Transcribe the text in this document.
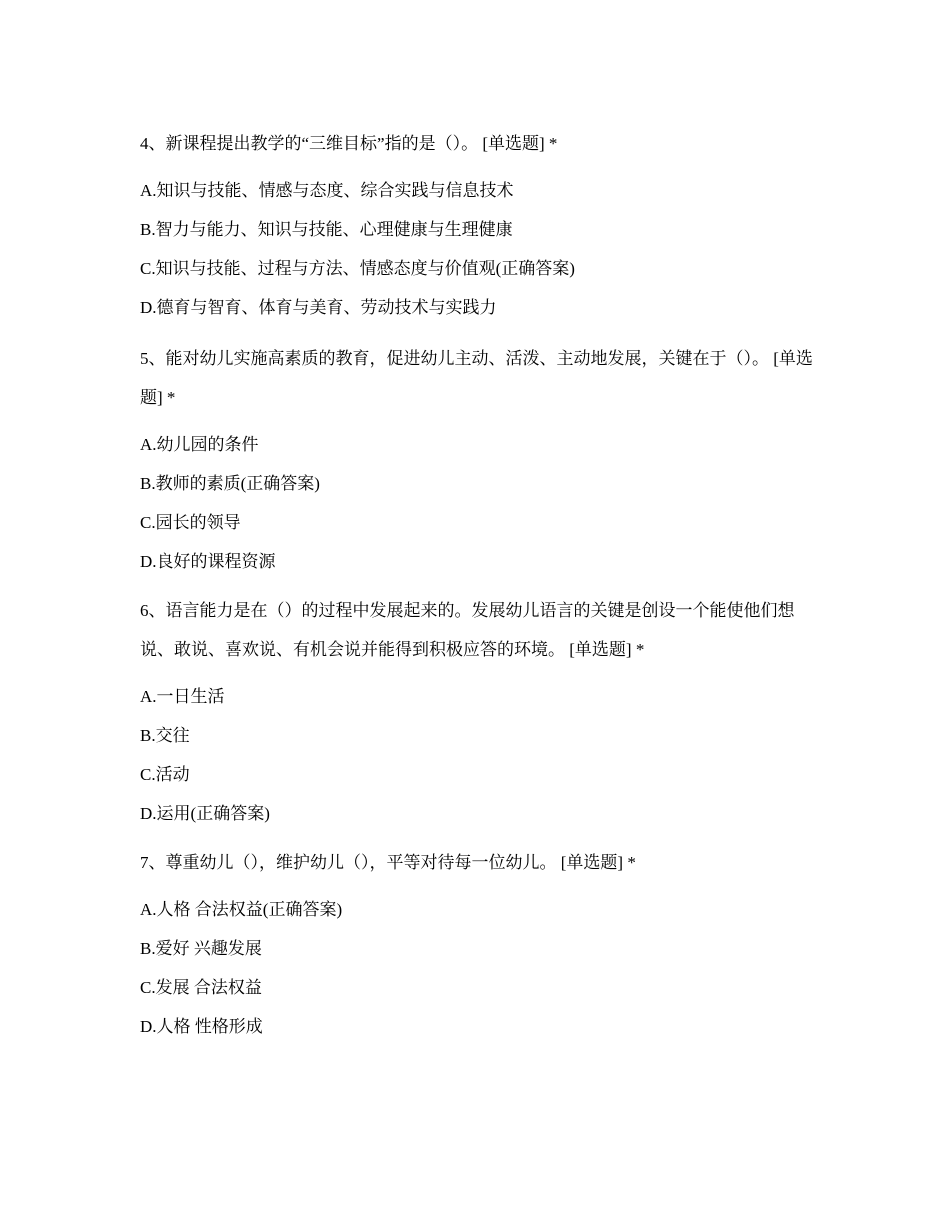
4、新课程提出教学的“三维目标”指的是（）。 [单选题] *

A.知识与技能、情感与态度、综合实践与信息技术

B.智力与能力、知识与技能、心理健康与生理健康

C.知识与技能、过程与方法、情感态度与价值观(正确答案)

D.德育与智育、体育与美育、劳动技术与实践力

5、能对幼儿实施高素质的教育，促进幼儿主动、活泼、主动地发展，关键在于（）。 [单选题] *

A.幼儿园的条件

B.教师的素质(正确答案)

C.园长的领导

D.良好的课程资源

6、语言能力是在（）的过程中发展起来的。发展幼儿语言的关键是创设一个能使他们想说、敢说、喜欢说、有机会说并能得到积极应答的环境。 [单选题] *

A.一日生活

B.交往

C.活动

D.运用(正确答案)

7、尊重幼儿（），维护幼儿（），平等对待每一位幼儿。 [单选题] *

A.人格 合法权益(正确答案)

B.爱好 兴趣发展

C.发展 合法权益

D.人格 性格形成
